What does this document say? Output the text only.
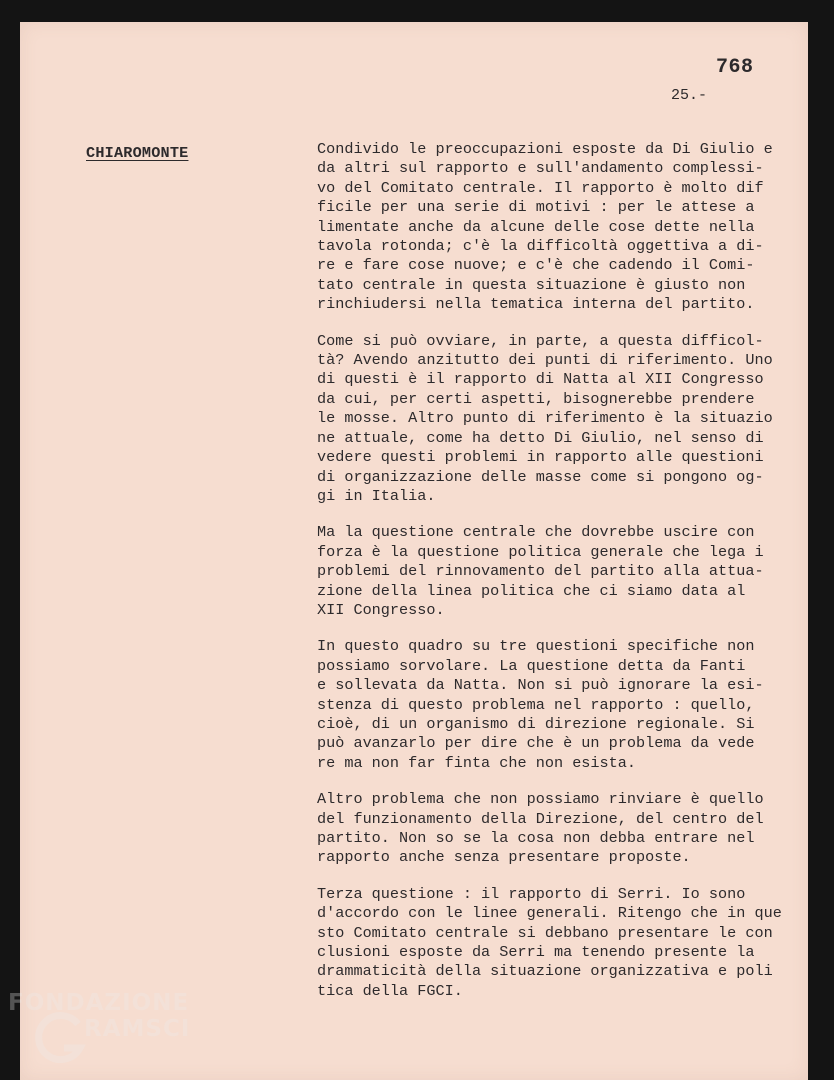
768
25.-
CHIAROMONTE	Condivido le preoccupazioni esposte da Di Giulio e
da altri sul rapporto e sull'andamento complessi-
vo del Comitato centrale. Il rapporto è molto dif
ficile per una serie di motivi : per le attese a
limentate anche da alcune delle cose dette nella
tavola rotonda; c'è la difficoltà oggettiva a di-
re e fare cose nuove; e c'è che cadendo il Comi-
tato centrale in questa situazione è giusto non
rinchiudersi nella tematica interna del partito.

Come si può ovviare, in parte, a questa difficol-
tà? Avendo anzitutto dei punti di riferimento. Uno
di questi è il rapporto di Natta al XII Congresso
da cui, per certi aspetti, bisognerebbe prendere
le mosse. Altro punto di riferimento è la situazio
ne attuale, come ha detto Di Giulio, nel senso di
vedere questi problemi in rapporto alle questioni
di organizzazione delle masse come si pongono og-
gi in Italia.

Ma la questione centrale che dovrebbe uscire con
forza è la questione politica generale che lega i
problemi del rinnovamento del partito alla attua-
zione della linea politica che ci siamo data al
XII Congresso.

In questo quadro su tre questioni specifiche non
possiamo sorvolare. La questione detta da Fanti
e sollevata da Natta. Non si può ignorare la esi-
stenza di questo problema nel rapporto : quello,
cioè, di un organismo di direzione regionale. Si
può avanzarlo per dire che è un problema da vede
re ma non far finta che non esista.

Altro problema che non possiamo rinviare è quello
del funzionamento della Direzione, del centro del
partito. Non so se la cosa non debba entrare nel
rapporto anche senza presentare proposte.

Terza questione : il rapporto di Serri. Io sono
d'accordo con le linee generali. Ritengo che in que
sto Comitato centrale si debbano presentare le con
clusioni esposte da Serri ma tenendo presente la
drammaticità della situazione organizzativa e poli
tica della FGCI.

FONDAZIONE
RAMSCI
